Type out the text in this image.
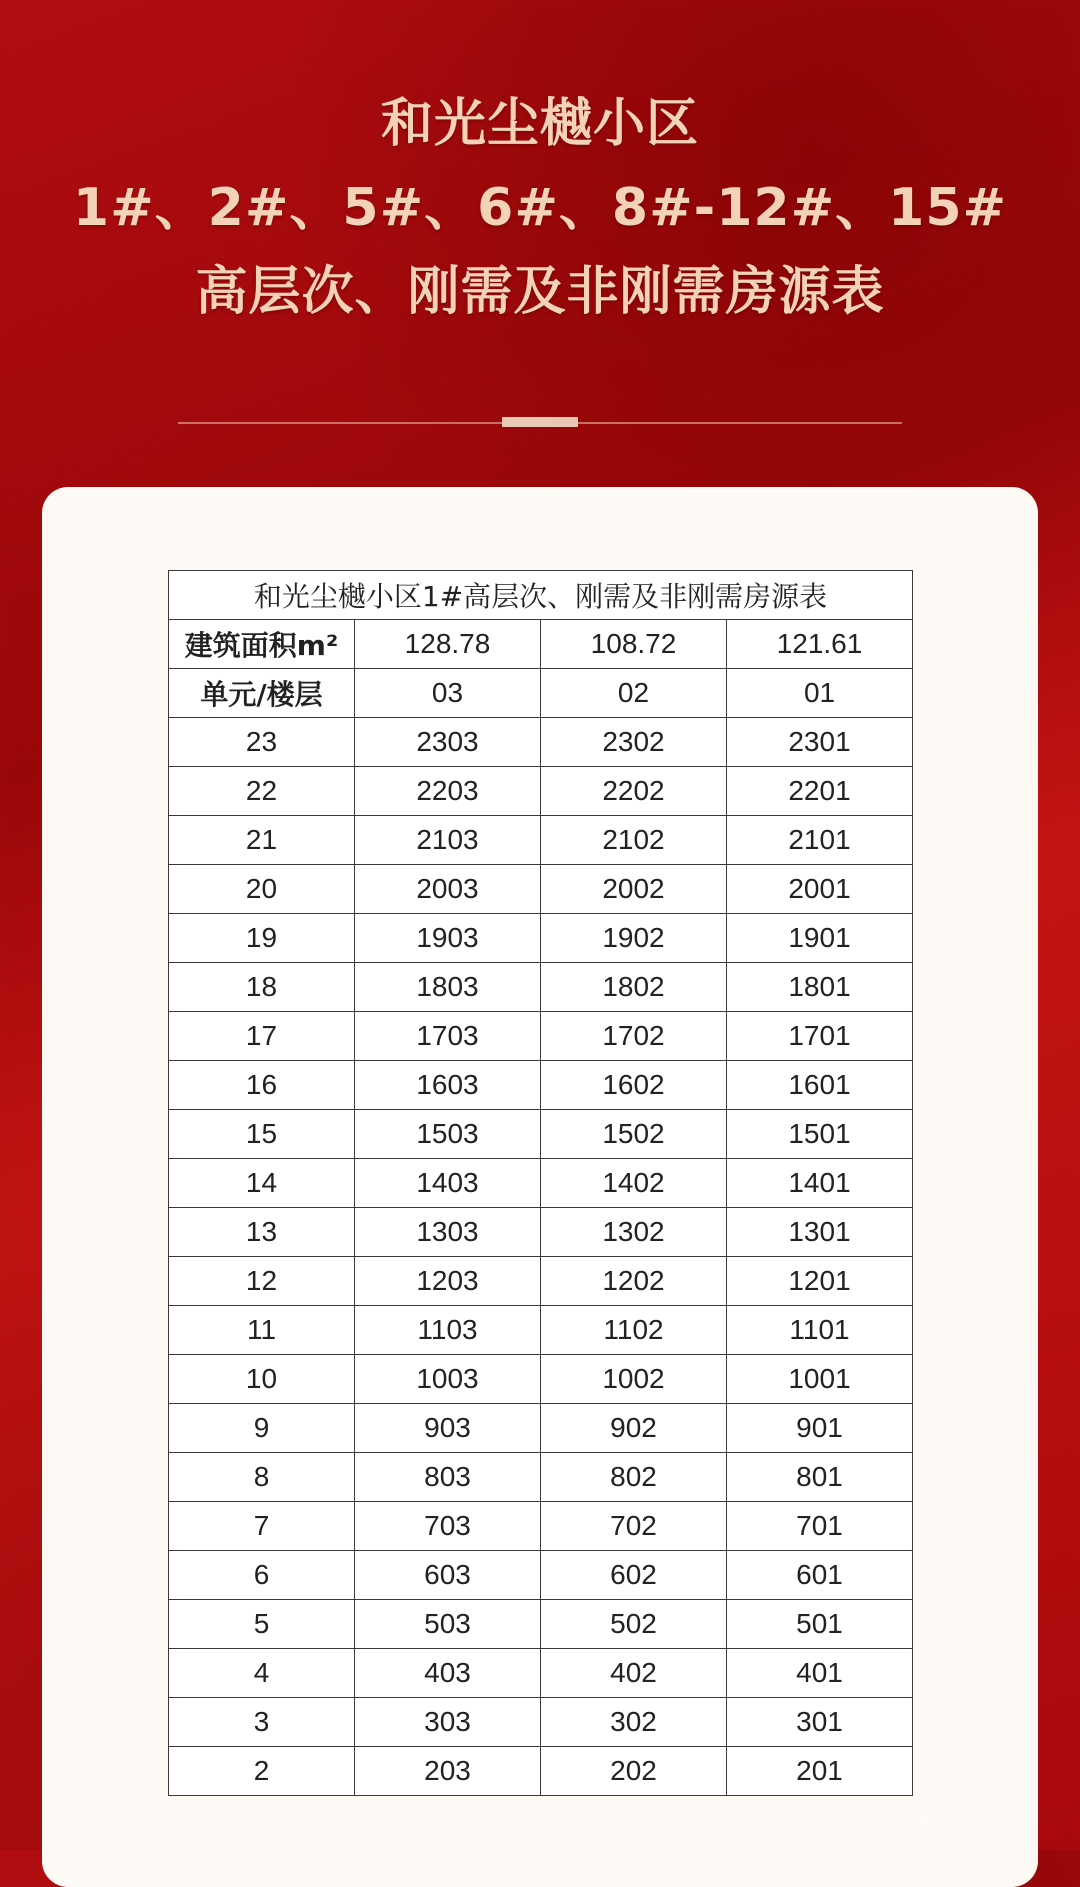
和光尘樾小区
1#、2#、5#、6#、8#-12#、15#
高层次、刚需及非刚需房源表
和光尘樾小区1#高层次、刚需及非刚需房源表			
建筑面积m²	128.78	108.72	121.61
单元/楼层	03	02	01
23	2303	2302	2301
22	2203	2202	2201
21	2103	2102	2101
20	2003	2002	2001
19	1903	1902	1901
18	1803	1802	1801
17	1703	1702	1701
16	1603	1602	1601
15	1503	1502	1501
14	1403	1402	1401
13	1303	1302	1301
12	1203	1202	1201
11	1103	1102	1101
10	1003	1002	1001
9	903	902	901
8	803	802	801
7	703	702	701
6	603	602	601
5	503	502	501
4	403	402	401
3	303	302	301
2	203	202	201
✎
